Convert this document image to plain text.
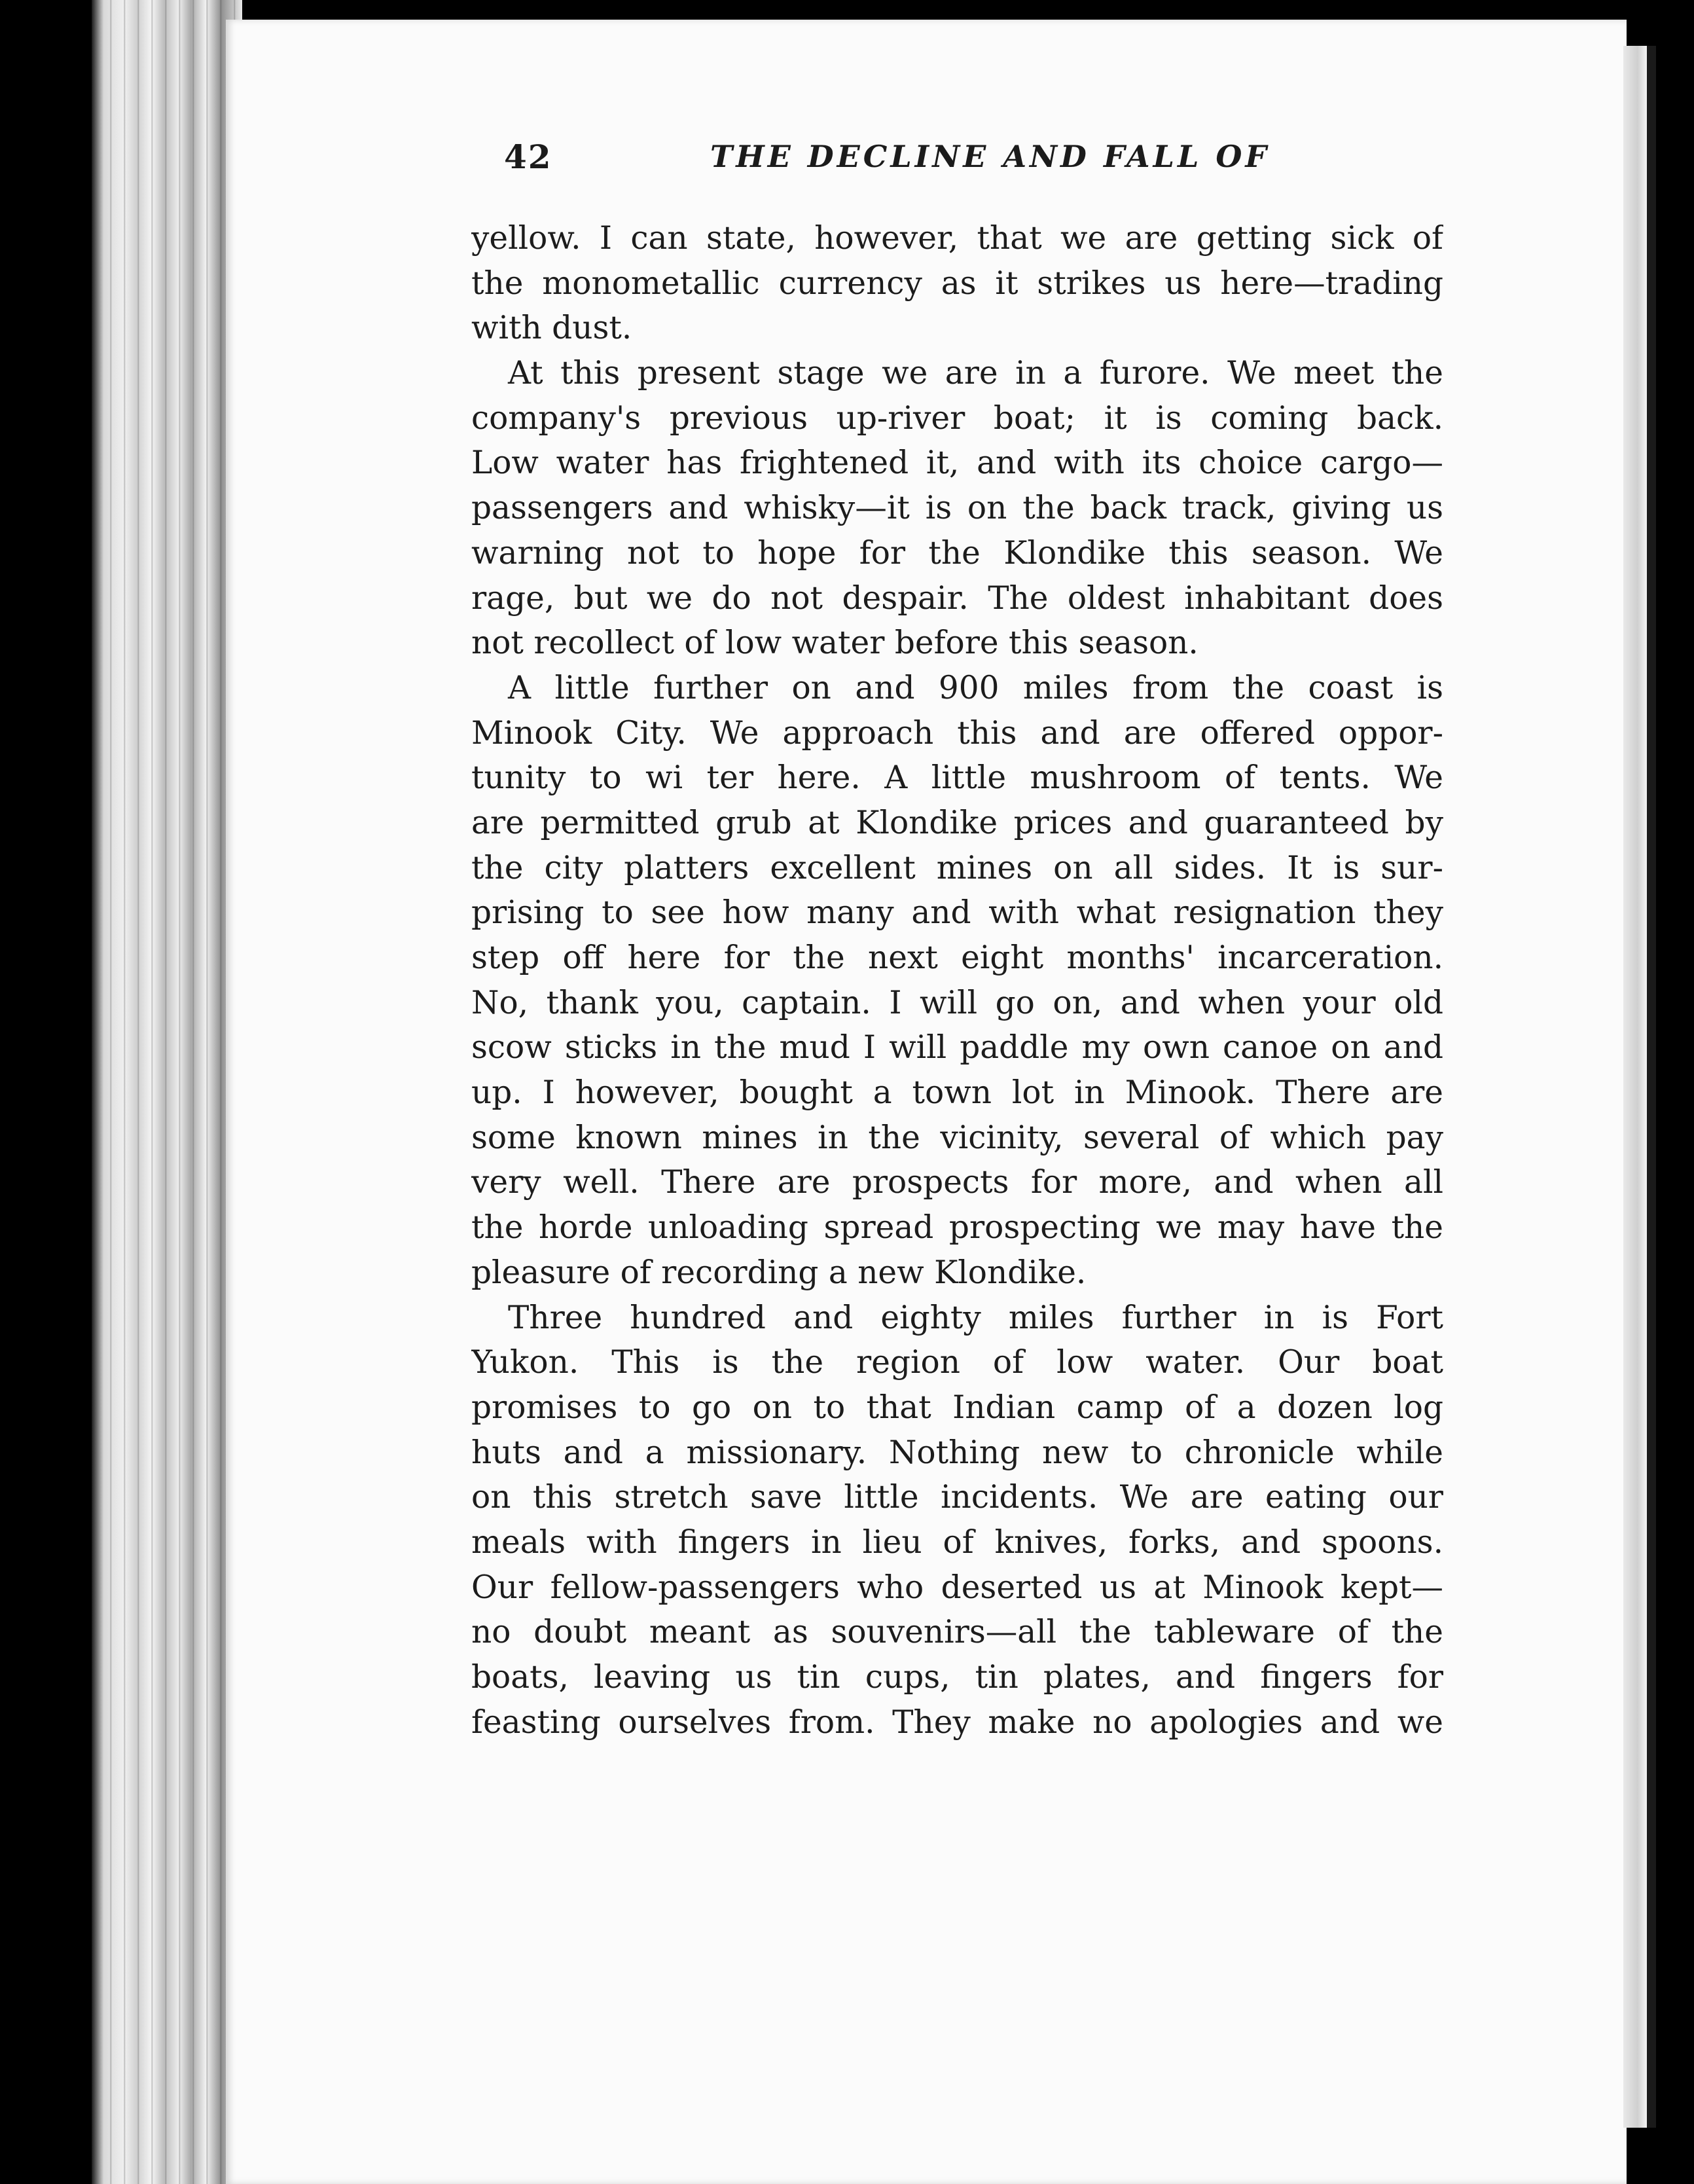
42	THE DECLINE AND FALL OF
yellow. I can state, however, that we are getting sick of
the monometallic currency as it strikes us here—trading
with dust.
At this present stage we are in a furore. We meet the
company's previous up-river boat; it is coming back.
Low water has frightened it, and with its choice cargo—
passengers and whisky—it is on the back track, giving us
warning not to hope for the Klondike this season. We
rage, but we do not despair. The oldest inhabitant does
not recollect of low water before this season.
A little further on and 900 miles from the coast is
Minook City. We approach this and are offered oppor-
tunity to wi ter here. A little mushroom of tents. We
are permitted grub at Klondike prices and guaranteed by
the city platters excellent mines on all sides. It is sur-
prising to see how many and with what resignation they
step off here for the next eight months' incarceration.
No, thank you, captain. I will go on, and when your old
scow sticks in the mud I will paddle my own canoe on and
up. I however, bought a town lot in Minook. There are
some known mines in the vicinity, several of which pay
very well. There are prospects for more, and when all
the horde unloading spread prospecting we may have the
pleasure of recording a new Klondike.
Three hundred and eighty miles further in is Fort
Yukon. This is the region of low water. Our boat
promises to go on to that Indian camp of a dozen log
huts and a missionary. Nothing new to chronicle while
on this stretch save little incidents. We are eating our
meals with fingers in lieu of knives, forks, and spoons.
Our fellow-passengers who deserted us at Minook kept—
no doubt meant as souvenirs—all the tableware of the
boats, leaving us tin cups, tin plates, and fingers for
feasting ourselves from. They make no apologies and we
